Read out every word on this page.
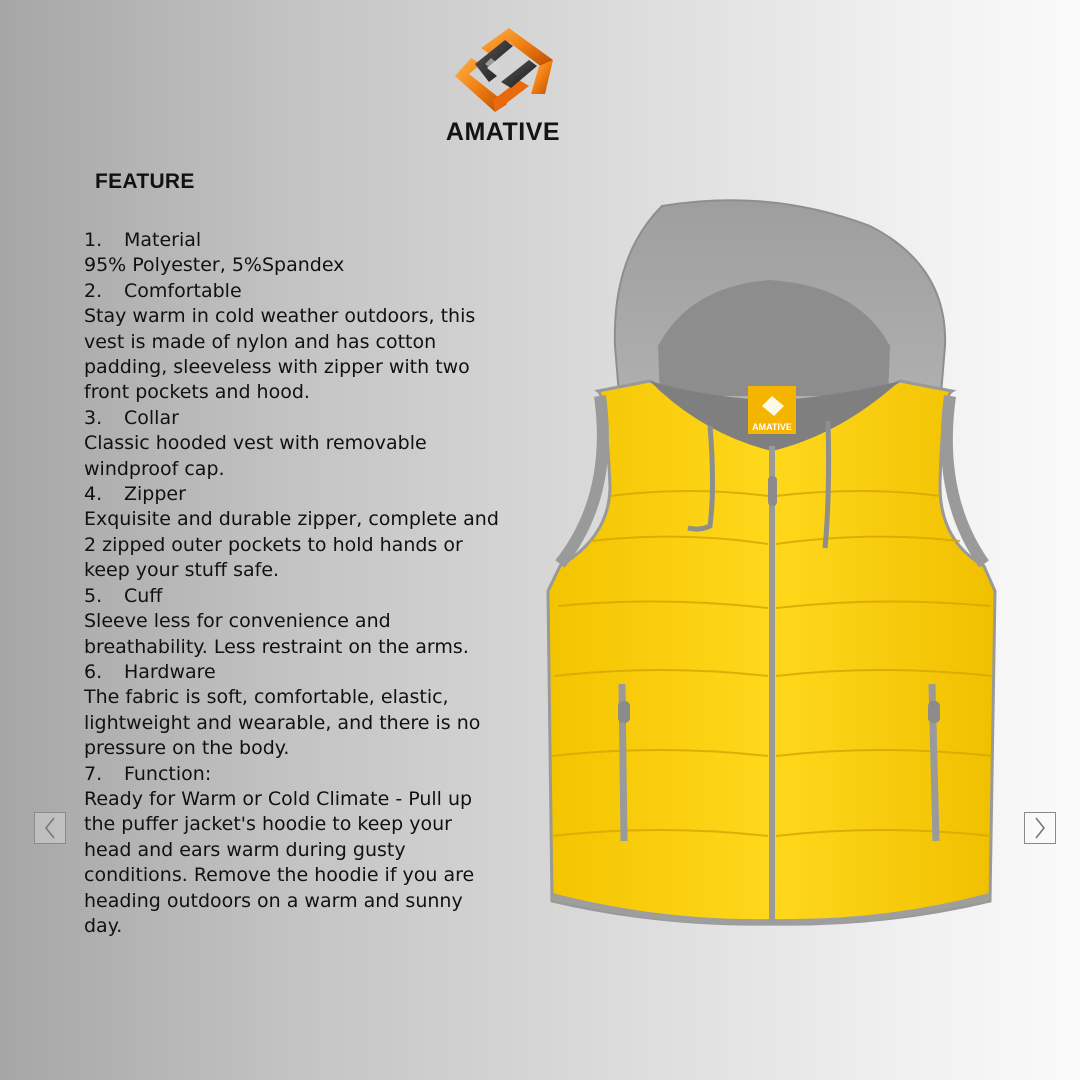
AMATIVE
FEATURE

1. Material

95% Polyester, 5%Spandex

2. Comfortable

Stay warm in cold weather outdoors, this vest is made of nylon and has cotton padding, sleeveless with zipper with two front pockets and hood.

3. Collar

Classic hooded vest with removable windproof cap.

4. Zipper

Exquisite and durable zipper, complete and 2 zipped outer pockets to hold hands or keep your stuff safe.

5. Cuff

Sleeve less for convenience and breathability. Less restraint on the arms.

6. Hardware

The fabric is soft, comfortable, elastic, lightweight and wearable, and there is no pressure on the body.

7. Function:

Ready for Warm or Cold Climate - Pull up the puffer jacket's hoodie to keep your head and ears warm during gusty conditions. Remove the hoodie if you are heading outdoors on a warm and sunny day.

AMATIVE
